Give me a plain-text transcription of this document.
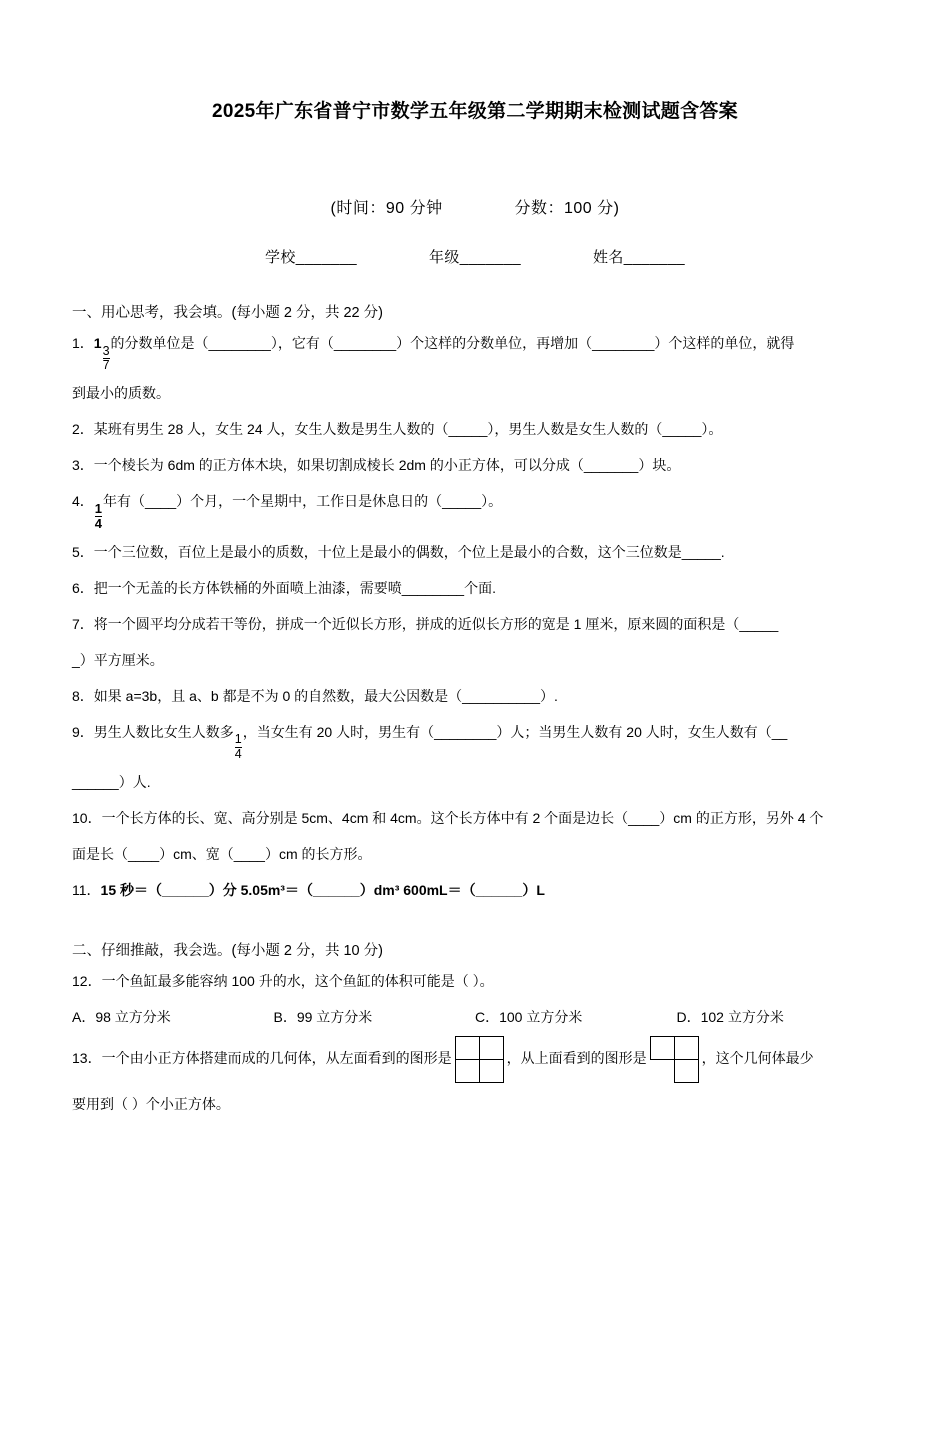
2025年广东省普宁市数学五年级第二学期期末检测试题含答案
(时间：90 分钟	分数：100 分)
学校_______	年级_______	姓名_______
一、用心思考，我会填。(每小题 2 分，共 22 分)
1．1
$\frac{3}{7}$
的分数单位是（________），它有（________）个这样的分数单位，再增加（________）个这样的单位，就得
到最小的质数。
2．某班有男生 28 人，女生 24 人，女生人数是男生人数的（_____），男生人数是女生人数的（_____）。
3．一个棱长为 6dm 的正方体木块，如果切割成棱长 2dm 的小正方体，可以分成（_______）块。
4．
$\frac{1}{4}$
年有（____）个月，一个星期中，工作日是休息日的（_____）。
5．一个三位数，百位上是最小的质数，十位上是最小的偶数，个位上是最小的合数，这个三位数是_____.
6．把一个无盖的长方体铁桶的外面喷上油漆，需要喷________个面.
7．将一个圆平均分成若干等份，拼成一个近似长方形，拼成的近似长方形的宽是 1 厘米，原来圆的面积是（_____
_）平方厘米。
8．如果 a=3b，且 a、b 都是不为 0 的自然数，最大公因数是（__________）.
9．男生人数比女生人数多
$\frac{1}{4}$
，当女生有 20 人时，男生有（________）人；当男生人数有 20 人时，女生人数有（__
______）人.
10．一个长方体的长、宽、高分别是 5cm、4cm 和 4cm。这个长方体中有 2 个面是边长（____）cm 的正方形，另外 4 个
面是长（____）cm、宽（____）cm 的长方形。
11．15 秒＝（______）分 5.05m³＝（______）dm³ 600mL＝（______）L
二、仔细推敲，我会选。(每小题 2 分，共 10 分)
12．一个鱼缸最多能容纳 100 升的水，这个鱼缸的体积可能是（ ）。
A．98 立方分米	B．99 立方分米	C．100 立方分米	D．102 立方分米
13．一个由小正方体搭建而成的几何体，从左面看到的图形是

		，从上面看到的图形是

		，这个几何体最少
要用到（ ）个小正方体。
